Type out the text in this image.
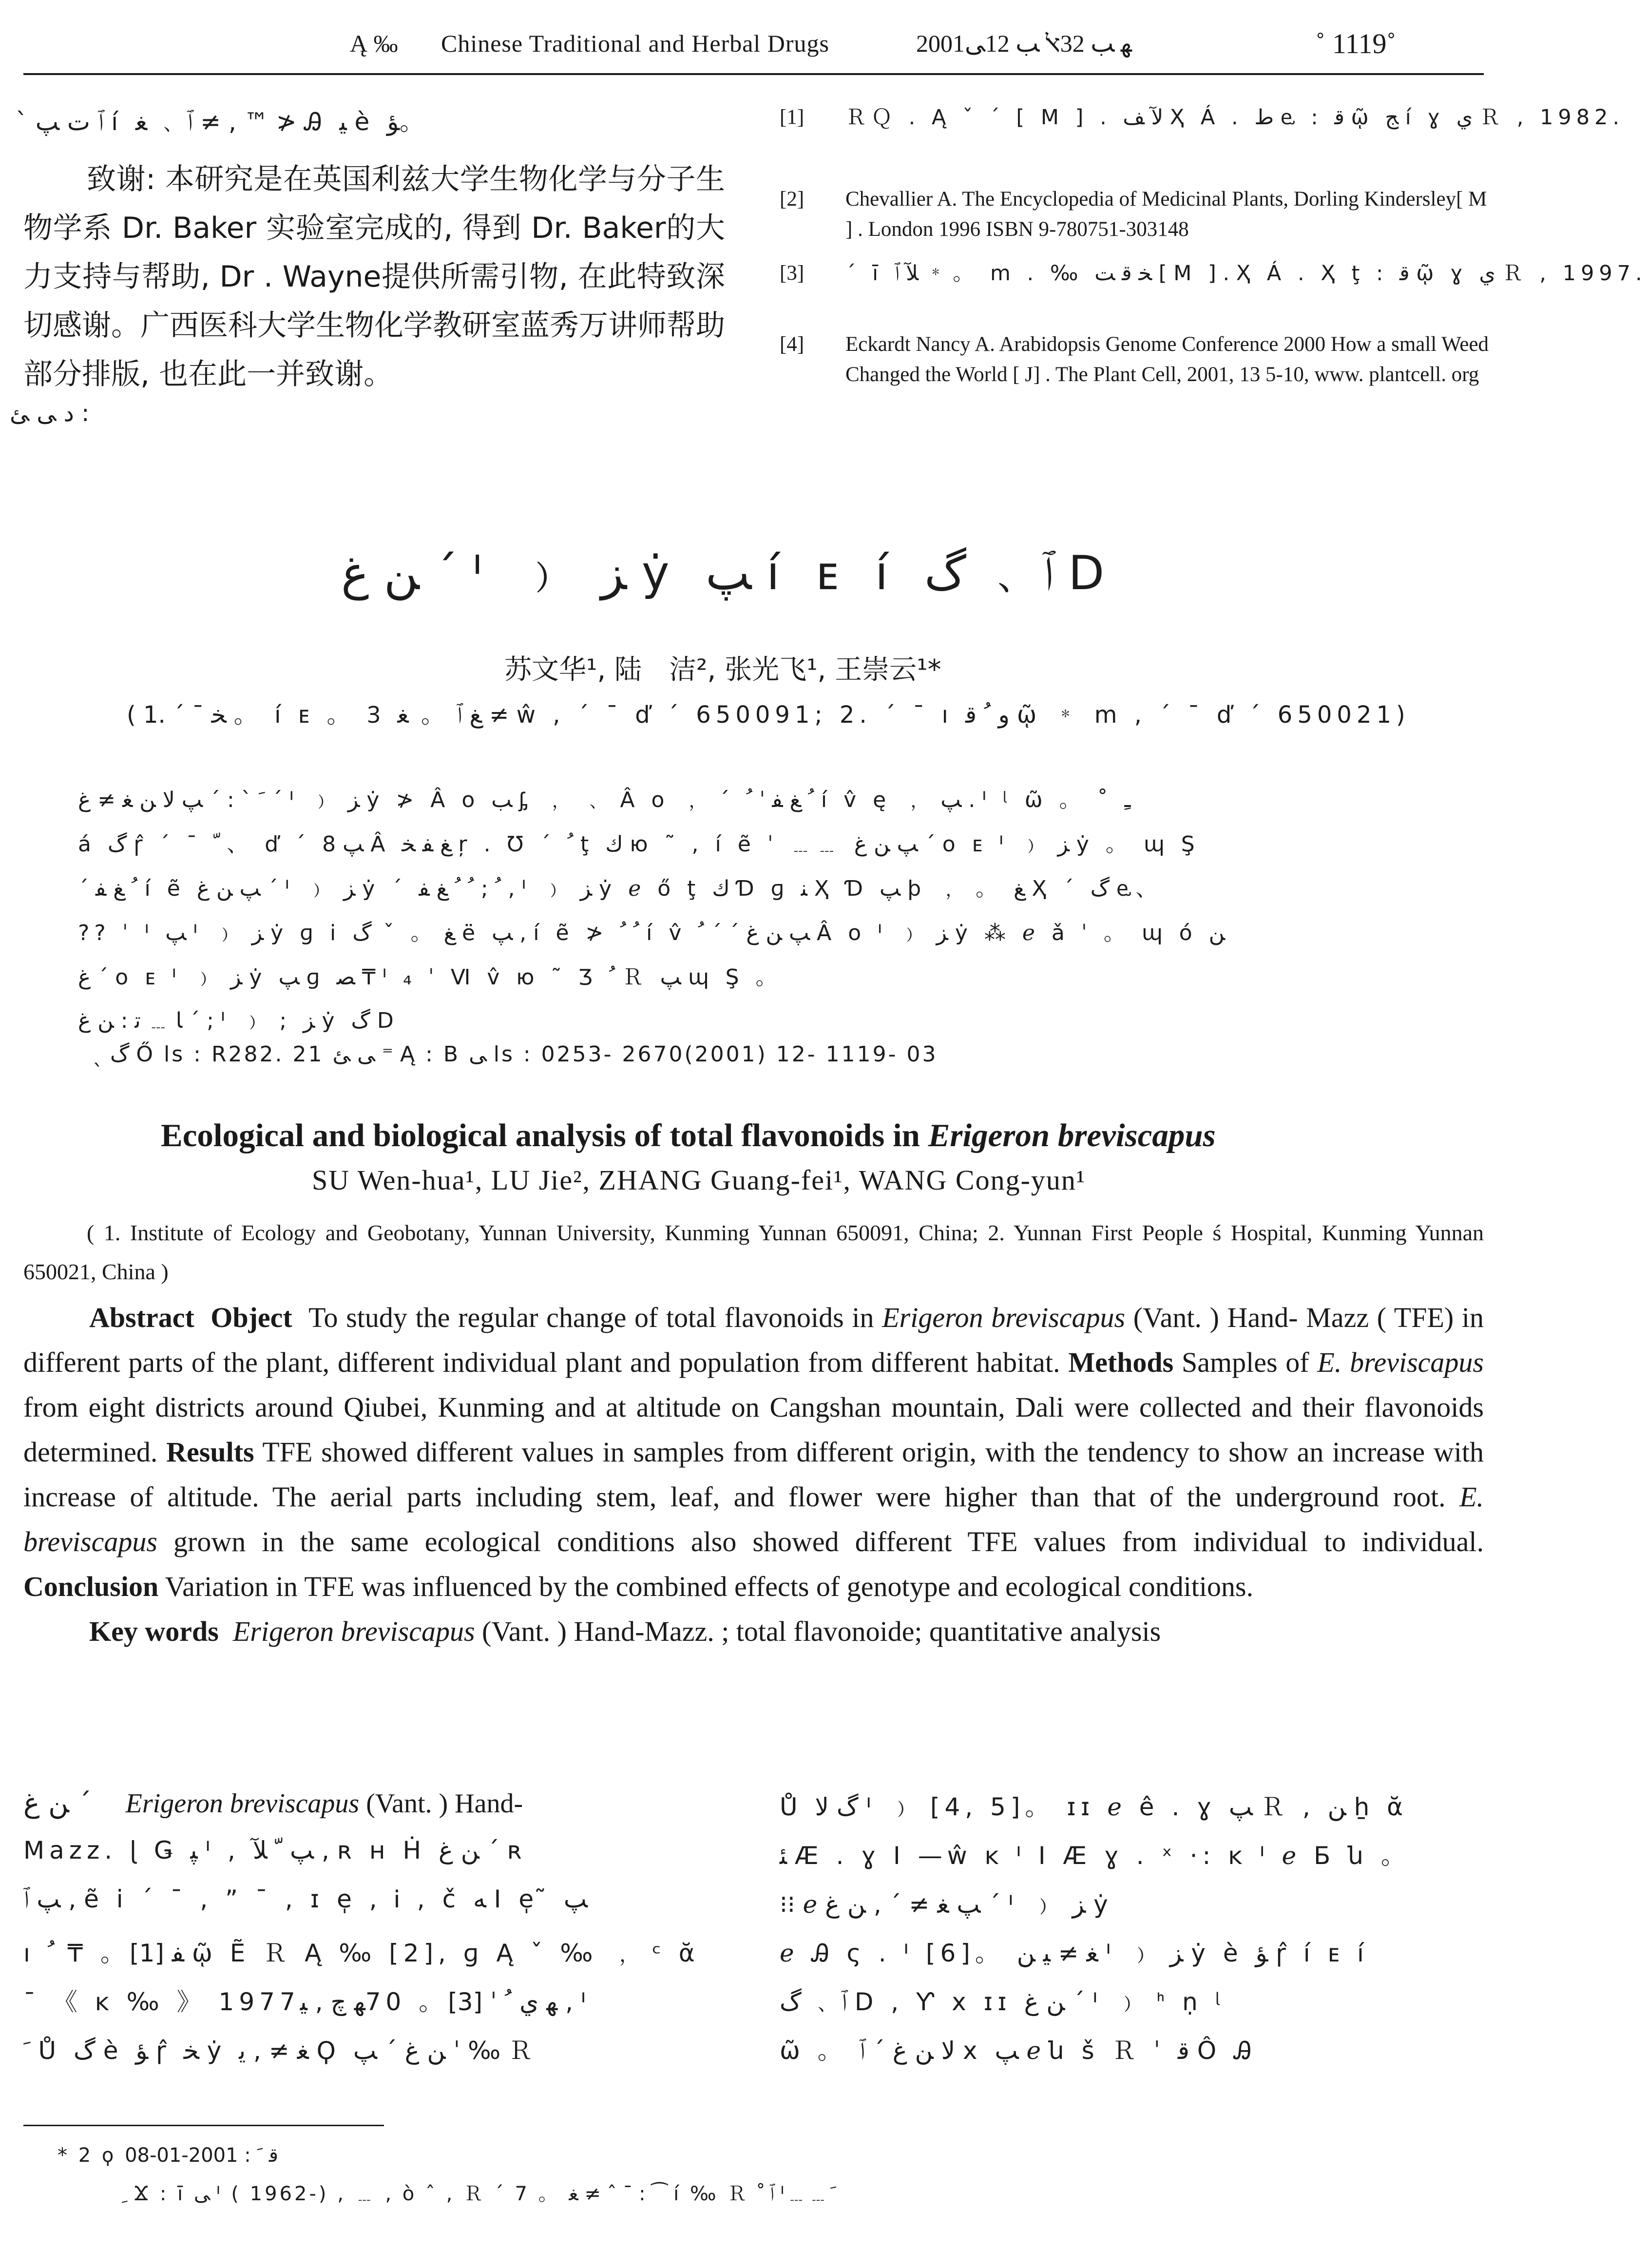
Ą ‰ Chinese Traditional and Herbal Drugs	2001ﻬ ﺐ 32ﭏ ﺐ 12ﻰ	˚ 1119˚
ˋ ﭐ ﺕ ﭗ í ﭐ ﹑ ﻐ ≠ , ™ ≯ Ꭿ ﻴ è ﺆ。
致谢: 本研究是在英国利兹大学生物化学与分子生物学系 Dr. Baker 实验室完成的, 得到 Dr. Baker的大力支持与帮助, Dr . Wayne提供所需引物, 在此特致深切感谢。广西医科大学生物化学教研室蓝秀万讲师帮助部分排版, 也在此一并致谢。
ﺩ ﻰ ﺊ :
[1] ＲＱ . Ą ˇ ˊ [ M ] . ﻵ ﻒ Ҳ Á . ﻁ ⱸ : ﻗ ῷ ﺞ í ɣ ﻱ Ｒ , 1982.
[2] Chevallier A. The Encyclopedia of Medicinal Plants, Dorling Kindersley[ M ] . London 1996 ISBN 9-780751-303148
[3] ˊ ī ﻶ ﭐ ﹡ 。 m . ‰ ﺨ ﻗ ﺖ [ M ] . Ҳ Á . Ҳ ţ : ﻗ ῷ ɣ ﻱ Ｒ , 1997.
[4] Eckardt Nancy A. Arabidopsis Genome Conference 2000 How a small Weed Changed the World [ J] . The Plant Cell, 2001, 13 5-10, www. plantcell. org
ﻦ ﻍ ˊ ᑊ ﹚ ﺰ ẏ ﭗ í ᴇ í ﭐ ﹑ ﮒ D
苏文华¹, 陆　洁², 张光飞¹, 王崇云¹*
( 1. ˊ ¯ ﺨ 。 í ᴇ 。 Ꝫ ﻎ ﭐ 。 ﻐ ≠ ŵ , ˊ ¯ ď ˊ 650091; 2. ˊ ¯ ı ﻭ ﹸ ﻗ ῷ ﹡ m , ˊ ¯ ď ˊ 650021)
ﹶ ˋ : ˊ ﭗ ﻻ ﻦ ﻐ ≠ ﻍ ˊ ᑊ ﹚ ﺰ ẏ ≯ Â ο ﺐ ᶋ ﹐ ﹑ Â ο ﹐ ˊ ﹸ ﻎ ﻔ ˈ ﹸ í v̂ ę ﹐ ﭗ . ᑊ ᶩ ῶ 。 ˚ ﹻ
á ﮒ ɼ̂ ˊ ¯ ﹼ 、 ď ˊ ﭗ 8 Â ﻎ ﻔ ﺨ ŗ . Ʊ ˊ ﹸ ţ ﻙ ю ˜ , í ẽ ˈ ﹍﹍ ﭗ ﻦ ﻍ ˊ ᴏ ᴇ ᑊ ﹚ ﺰ ẏ 。 ɰ Ş
ˊ ﹸ ﻎ ﻔ í ẽ ﭗ ﻦ ﻍ ˊ ᑊ ﹚ ﺰ ẏ ˊ ﹸ ; ﹸ ﹸ ﻎ ﻔ , ᑊ ﹚ ﺰ ẏ ℯ ő ţ ﻙ Ɗ ɡ ﻨ Ҳ Ɗ ﭗ ϸ ﹐ 。 ﻎ Ҳ ˊ ﮒ ⱸ、
?? ˈ ᑊ ﭗ ᑊ ﹚ ﺰ ẏ ɡ i ﻎ 。 ˇ ﮒ ë ﭗ , í ẽ ≯ ﹸ ﹸ í v̂ ﭗ ﻦ ﻍ ˊ ˊ ﹸ Â ο ᑊ ﹚ ﺰ ẏ ⁂ ℯ ǎ ˈ 。 ɰ ó ﻦ
ﻍ ˊ ᴏ ᴇ ᑊ ﹚ ﺰ ẏ ﭗ ɡ ﺼ ₸ ᑊ ₄ ˈ Ⅵ v̂ ю ˜ Ʒ ﹸ Ｒ ﭗ ɰ Ş 。
ﺎ ﹍ ﺗ : ﻦ ﻍ ˊ ; ᑊ ﹚ ; ﺰ ẏ ﮒ D
ˎ ﮒ Ő ls : R282. 21 ﻰ ﺊ ⁼ Ą : B ﻰ ls : 0253- 2670(2001) 12- 1119- 03
Ecological and biological analysis of total flavonoids in Erigeron breviscapus
SU Wen-hua¹, LU Jie², ZHANG Guang-fei¹, WANG Cong-yun¹
( 1. Institute of Ecology and Geobotany, Yunnan University, Kunming Yunnan 650091, China; 2. Yunnan First People ś Hospital, Kunming Yunnan 650021, China )

Abstract Object To study the regular change of total flavonoids in Erigeron breviscapus (Vant. ) Hand- Mazz ( TFE) in different parts of the plant, different individual plant and population from different habitat. Methods Samples of E. breviscapus from eight districts around Qiubei, Kunming and at altitude on Cangshan mountain, Dali were collected and their flavonoids determined. Results TFE showed different values in samples from different origin, with the tendency to show an increase with increase of altitude. The aerial parts including stem, leaf, and flower were higher than that of the underground root. E. breviscapus grown in the same ecological conditions also showed different TFE values from individual to individual. Conclusion Variation in TFE was influenced by the combined effects of genotype and ecological conditions.

Key words Erigeron breviscapus (Vant. ) Hand-Mazz. ; total flavonoide; quantitative analysis

ﻦ ﻍ ˊ Erigeron breviscapus (Vant. ) Hand-
Mazz. ɭ Ǥ ﭙ ᑊ , ﭗ ﹼ ﻶ , ʀ ʜ Ḣ ﻦ ﻍ ˊ ʀ
ﭗ ﭐ , ẽ i ˊ ¯ , ” ¯ , ɪ e̩ , Ꭵ , č ﻪ ꓲ e̩ ̃ ﭗ
ı ﻔ [1]。 ₸ ﹸ ῷ Ẽ Ｒ Ą ‰ [2], ɡ Ą ˇ ‰ ﹐ ᶜ ᾰ
ˉ 《 ĸ ‰ 》 1977ﻬ ﻱ ﹸ ˈ [3]。 70ﻬ ﭺ , ﻴ , ᑊ
ﹶ Ů ﮒ è ﺆ ɼ̂ ﺨ ẏ ﻐ ≠ , ﻳ Ϙ ﻦ ﻍ ˊ ﭗ ˈ ‰ Ｒ
Ů ﮒ ﻻ ᑊ ﹚ [4, 5]。 ɪɪ ℯ ê . ɣ ﭗ Ｒ , ﻦ ẖ ᾰ
ﺌ Æ . ɣ ꓲ —ŵ ĸ ᑊ ꓲ Æ ɣ . ˣ ·: ĸ ᑊ ℯ Б ն 。
⁝⁝ ℯ ﭗ ﻐ ≠ ˊ , ﻦ ﻍ ˊ ᑊ ﹚ ﺰ ẏ
ℯ Ꭿ ς . ᑊ [6]。 ﻐ ≠ ﻴ ﻦ ᑊ ﹚ ﺰ ẏ è ﺆ ɼ̂ í ᴇ í
ﭐ ﹑ ﮒ D , Ƴ x ɪɪ ﻦ ﻍ ˊ ᑊ ﹚ ᑋ ṇ ᶩ
ῶ 。 ﻻ ﻦ ﻍ ˊ ﭐ x ﭗ ℯ ն š Ｒ ˈ ﻗ Ô Ꭿ
* 2 ϙ ﻗ ﹶ : 2001-01-08
ﹺ Ϫ : ī ﻰ ᑊ ( 1962-) , ﹍ , ò ˆ , Ｒ ˊ 7 。 ﻐ ≠ ˆ ˉ : ⁀ í ‰ Ｒ ﭐ ﹾ ᑊ﹍﹍ﹶ
